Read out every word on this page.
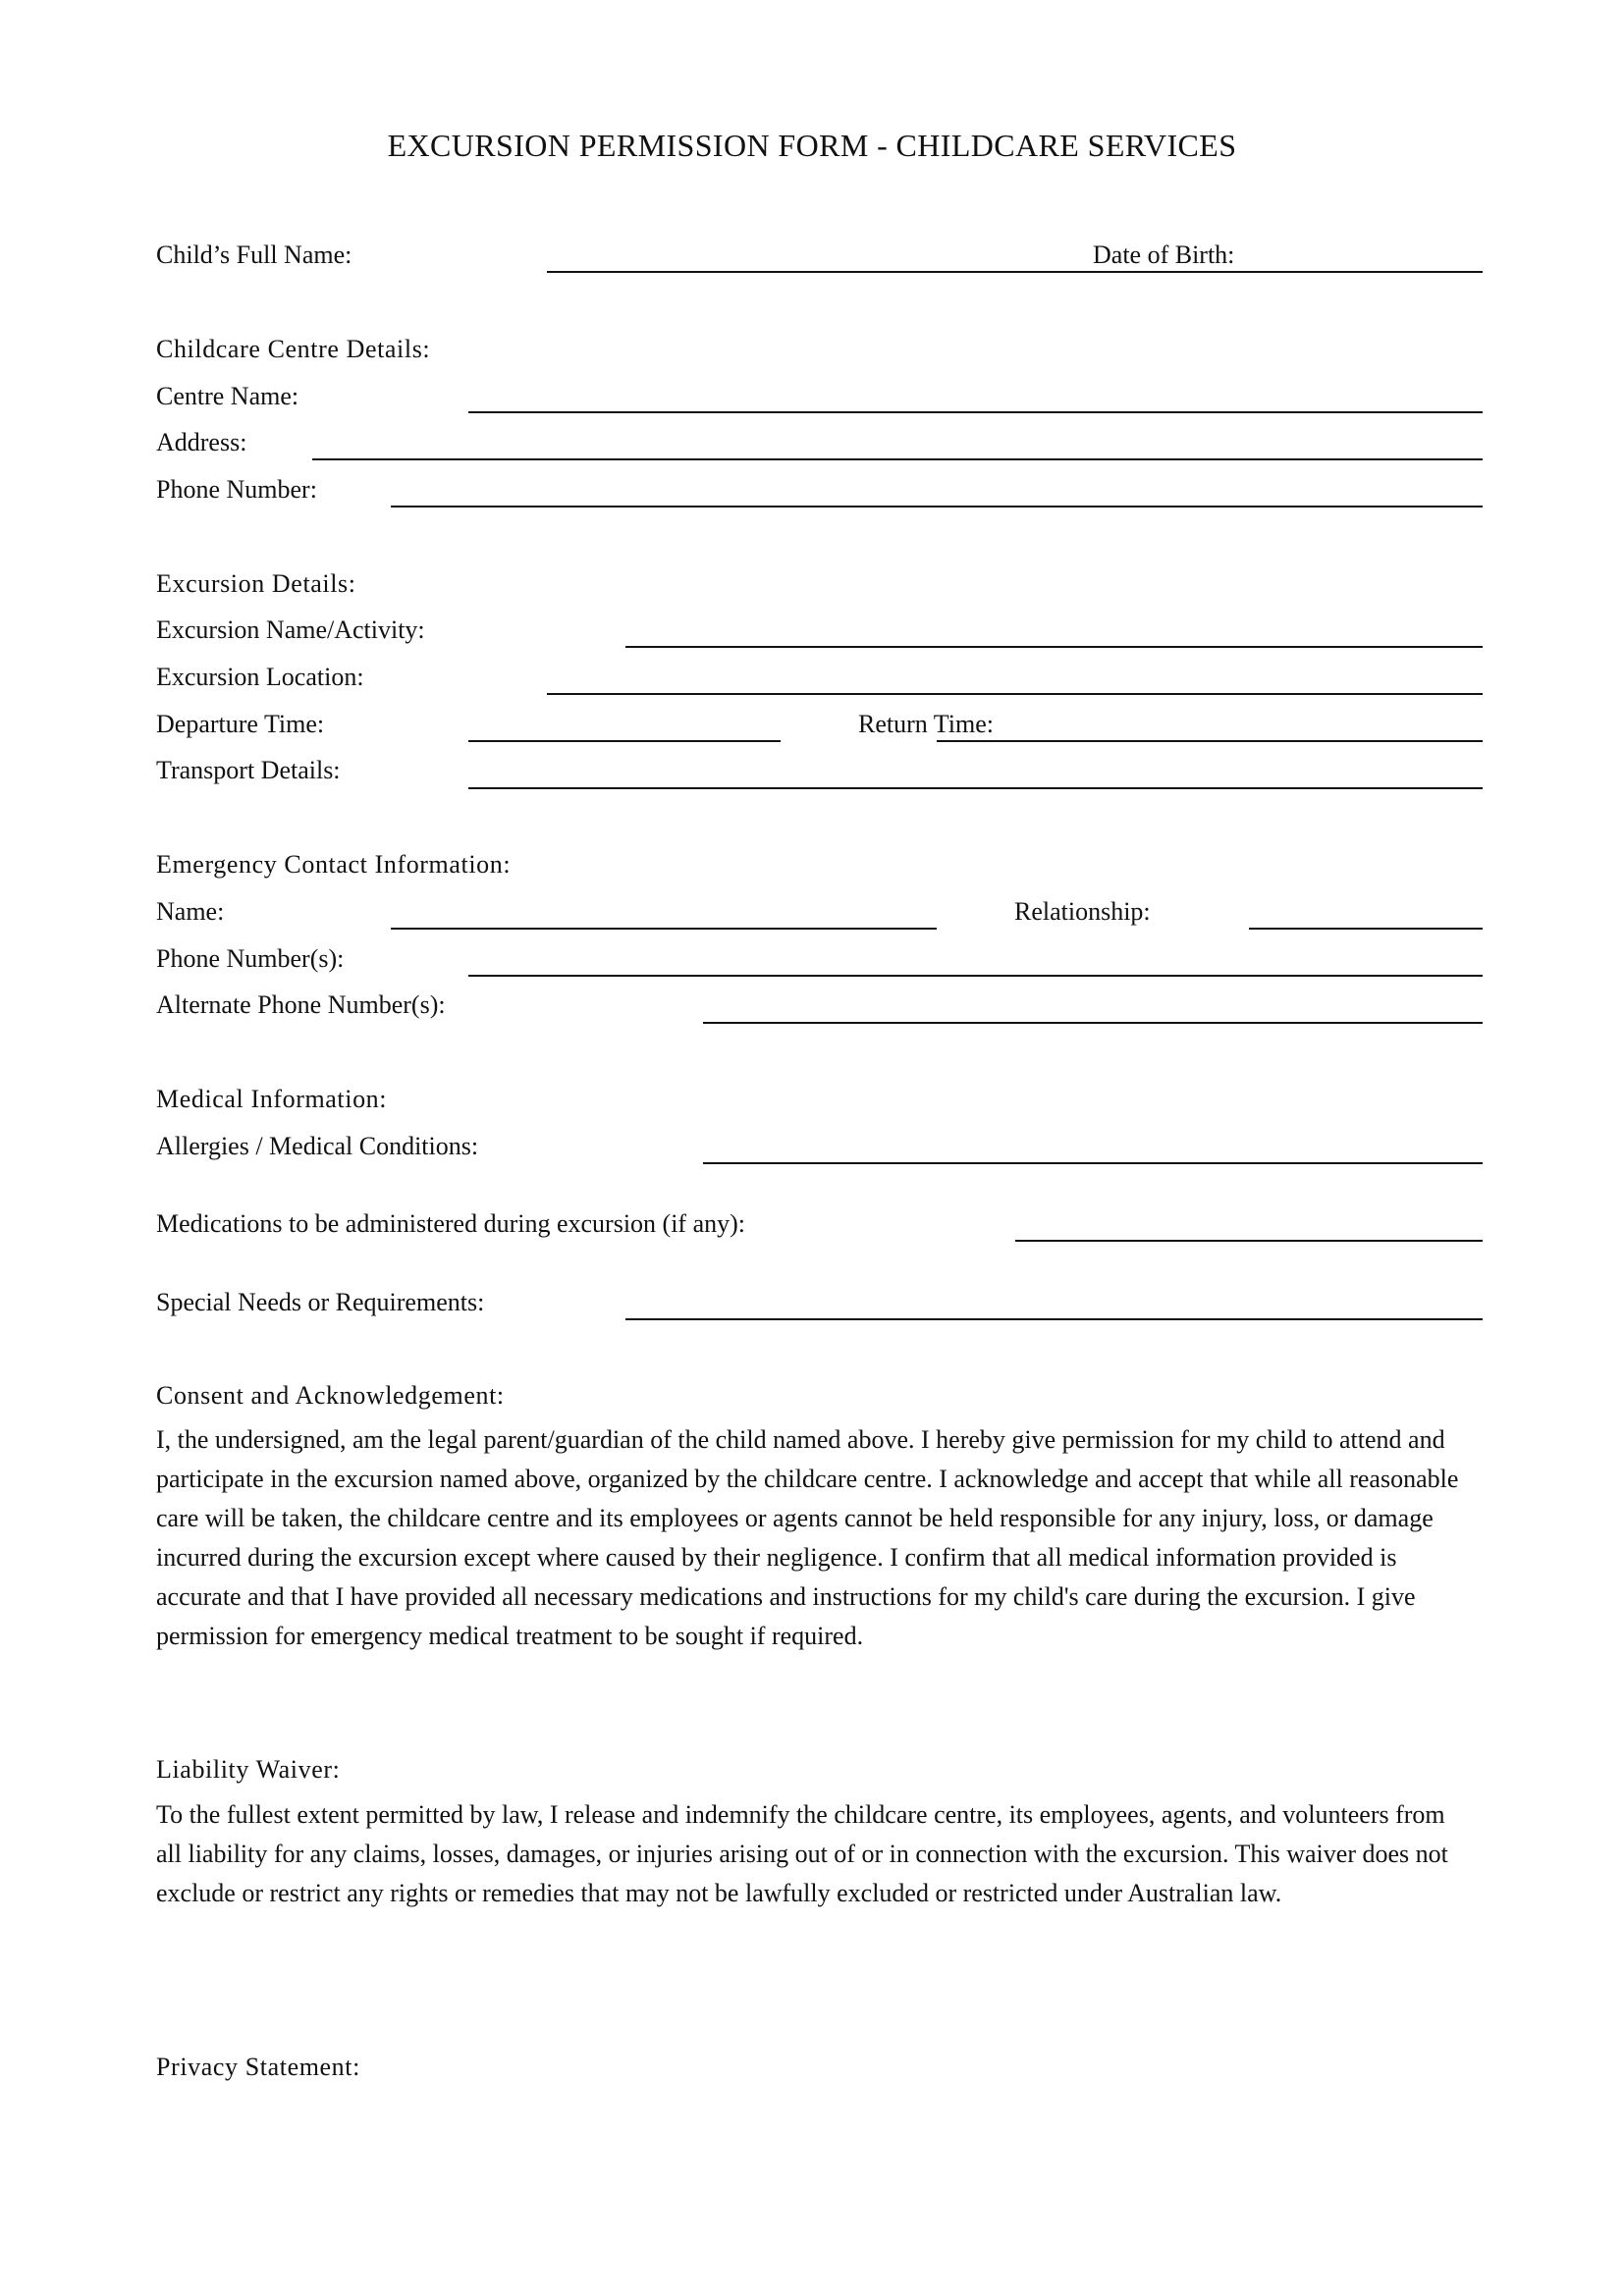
EXCURSION PERMISSION FORM - CHILDCARE SERVICES
Child’s Full Name:	Date of Birth:
Childcare Centre Details:
Centre Name:
Address:
Phone Number:
Excursion Details:
Excursion Name/Activity:
Excursion Location:
Departure Time:	Return Time:
Transport Details:
Emergency Contact Information:
Name:	Relationship:
Phone Number(s):
Alternate Phone Number(s):
Medical Information:
Allergies / Medical Conditions:
Medications to be administered during excursion (if any):
Special Needs or Requirements:
Consent and Acknowledgement:

I, the undersigned, am the legal parent/guardian of the child named above. I hereby give permission for my child to attend and participate in the excursion named above, organized by the childcare centre. I acknowledge and accept that while all reasonable care will be taken, the childcare centre and its employees or agents cannot be held responsible for any injury, loss, or damage incurred during the excursion except where caused by their negligence. I confirm that all medical information provided is accurate and that I have provided all necessary medications and instructions for my child's care during the excursion. I give permission for emergency medical treatment to be sought if required.

Liability Waiver:

To the fullest extent permitted by law, I release and indemnify the childcare centre, its employees, agents, and volunteers from all liability for any claims, losses, damages, or injuries arising out of or in connection with the excursion. This waiver does not exclude or restrict any rights or remedies that may not be lawfully excluded or restricted under Australian law.

Privacy Statement:
